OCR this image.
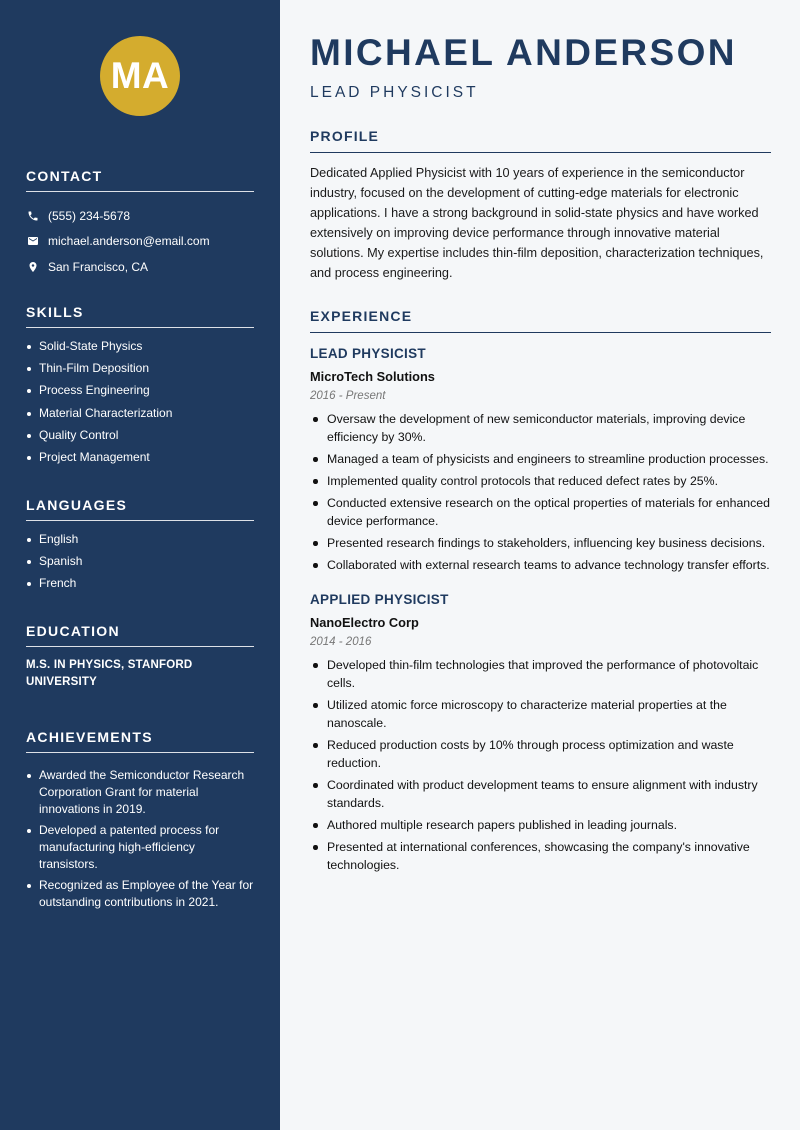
MA
CONTACT
(555) 234-5678
michael.anderson@email.com
San Francisco, CA
SKILLS
Solid-State Physics
Thin-Film Deposition
Process Engineering
Material Characterization
Quality Control
Project Management
LANGUAGES
English
Spanish
French
EDUCATION
M.S. IN PHYSICS, STANFORD UNIVERSITY
ACHIEVEMENTS
Awarded the Semiconductor Research Corporation Grant for material innovations in 2019.
Developed a patented process for manufacturing high-efficiency transistors.
Recognized as Employee of the Year for outstanding contributions in 2021.
MICHAEL ANDERSON
LEAD PHYSICIST
PROFILE

Dedicated Applied Physicist with 10 years of experience in the semiconductor industry, focused on the development of cutting-edge materials for electronic applications. I have a strong background in solid-state physics and have worked extensively on improving device performance through innovative material solutions. My expertise includes thin-film deposition, characterization techniques, and process engineering.

EXPERIENCE
LEAD PHYSICIST
MicroTech Solutions
2016 - Present
Oversaw the development of new semiconductor materials, improving device efficiency by 30%.
Managed a team of physicists and engineers to streamline production processes.
Implemented quality control protocols that reduced defect rates by 25%.
Conducted extensive research on the optical properties of materials for enhanced device performance.
Presented research findings to stakeholders, influencing key business decisions.
Collaborated with external research teams to advance technology transfer efforts.
APPLIED PHYSICIST
NanoElectro Corp
2014 - 2016
Developed thin-film technologies that improved the performance of photovoltaic cells.
Utilized atomic force microscopy to characterize material properties at the nanoscale.
Reduced production costs by 10% through process optimization and waste reduction.
Coordinated with product development teams to ensure alignment with industry standards.
Authored multiple research papers published in leading journals.
Presented at international conferences, showcasing the company's innovative technologies.
